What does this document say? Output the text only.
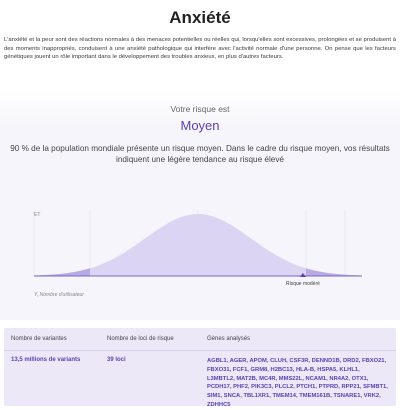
Anxiété

L'anxiété et la peur sont des réactions normales à des menaces potentielles ou réelles qui, lorsqu'elles sont excessives, prolongées et se produisent à des moments inappropriés, conduisent à une anxiété pathologique qui interfère avec l'activité normale d'une personne. On pense que les facteurs génétiques jouent un rôle important dans le développement des troubles anxieux, en plus d'autres facteurs.

Votre risque est
Moyen
90 % de la population mondiale présente un risque moyen. Dans le cadre du risque moyen, vos résultats indiquent une légère tendance au risque élevé
ET
Risque modéré
Y, Nombre d'utilisateur
Nombre de variantes	Nombre de loci de risque	Gènes analysés
13,5 millions de variants	39 loci	AGBL1, AGER, APOM, CLUH, CSF3R, DENND1B, DRD2, FBXO21, FBXO31, FCF1, GRM8, H2BC13, HLA-B, HSPA5, KLHL1, L3MBTL2, MAT2B, MC4R, MMS22L, NCAM1, NR4A2, OTX1, PCDH17, PHF2, PIK3C3, PLCL2, PTCH1, PTPRD, RPP21, SFMBT1, SIM1, SNCA, TBL1XR1, TMEM14, TMEM161B, TSNARE1, VRK2, ZDHHC5
